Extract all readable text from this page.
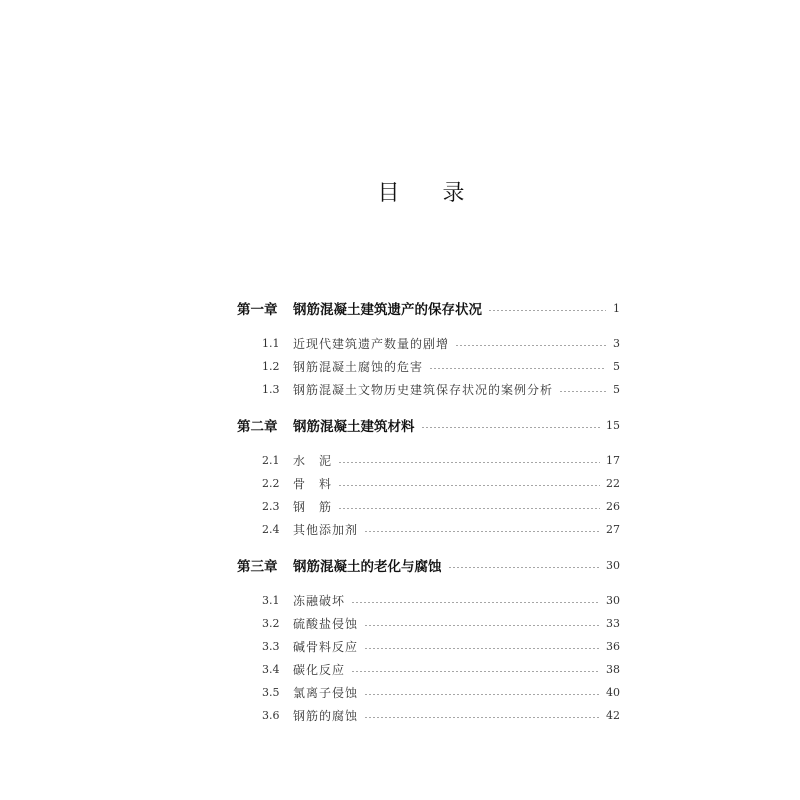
目 录
第一章	钢筋混凝土建筑遗产的保存状况	1
1.1	近现代建筑遗产数量的剧增	3
1.2	钢筋混凝土腐蚀的危害	5
1.3	钢筋混凝土文物历史建筑保存状况的案例分析	5
第二章	钢筋混凝土建筑材料	15
2.1	水　泥	17
2.2	骨　料	22
2.3	钢　筋	26
2.4	其他添加剂	27
第三章	钢筋混凝土的老化与腐蚀	30
3.1	冻融破坏	30
3.2	硫酸盐侵蚀	33
3.3	碱骨料反应	36
3.4	碳化反应	38
3.5	氯离子侵蚀	40
3.6	钢筋的腐蚀	42
